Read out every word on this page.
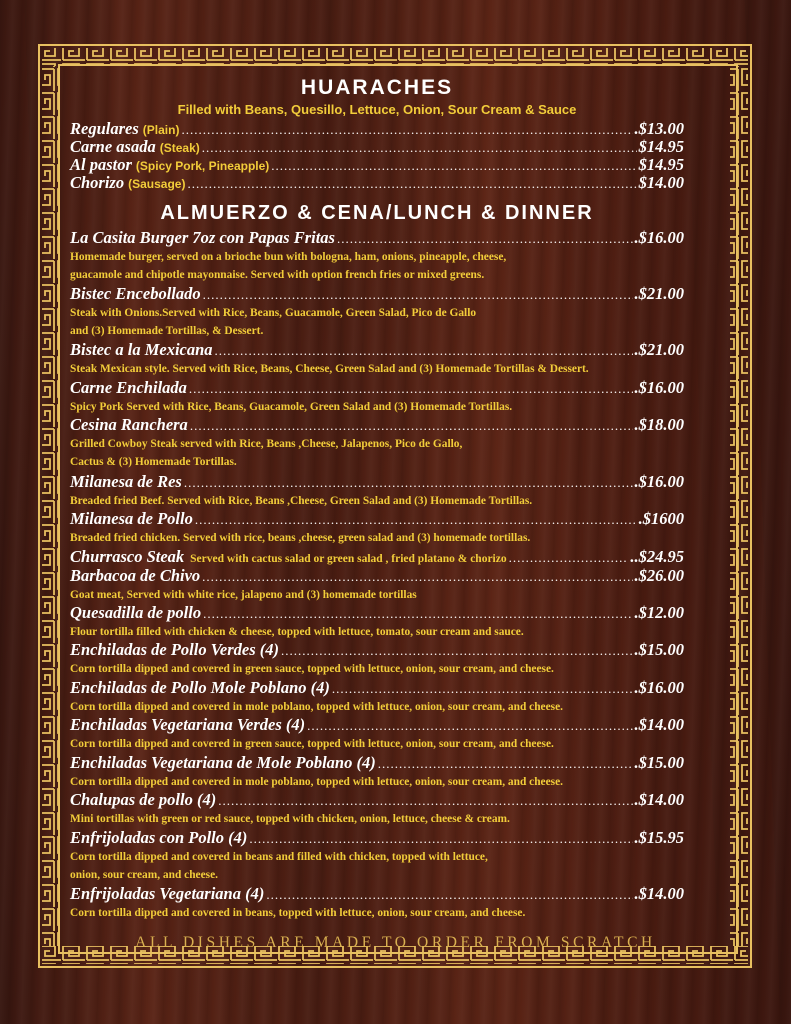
HUARACHES
Filled with Beans, Quesillo, Lettuce, Onion, Sour Cream & Sauce
Regulares (Plain) .....	.$13.00
Carne asada (Steak) .....	$14.95
Al pastor (Spicy Pork, Pineapple) .....	$14.95
Chorizo (Sausage) .....	$14.00
ALMUERZO & CENA/LUNCH & DINNER
La Casita Burger 7oz con Papas Fritas .....	.$16.00
Homemade burger, served on a brioche bun with bologna, ham, onions, pineapple, cheese,
guacamole and chipotle mayonnaise. Served with option french fries or mixed greens.
Bistec Encebollado .....	.$21.00
Steak with Onions.Served with Rice, Beans, Guacamole, Green Salad, Pico de Gallo
and (3) Homemade Tortillas, & Dessert.
Bistec a la Mexicana .....	.$21.00
Steak Mexican style. Served with Rice, Beans, Cheese, Green Salad and (3) Homemade Tortillas & Dessert.
Carne Enchilada .....	.$16.00
Spicy Pork Served with Rice, Beans, Guacamole, Green Salad and (3) Homemade Tortillas.
Cesina Ranchera .....	.$18.00
Grilled Cowboy Steak served with Rice, Beans ,Cheese, Jalapenos, Pico de Gallo,
Cactus & (3) Homemade Tortillas.
Milanesa de Res .....	.$16.00
Breaded fried Beef. Served with Rice, Beans ,Cheese, Green Salad and (3) Homemade Tortillas.
Milanesa de Pollo .....	.$1600
Breaded fried chicken. Served with rice, beans ,cheese, green salad and (3) homemade tortillas.
Churrasco Steak Served with cactus salad or green salad , fried platano & chorizo .....	..$24.95
Barbacoa de Chivo .....	.$26.00
Goat meat, Served with white rice, jalapeno and (3) homemade tortillas
Quesadilla de pollo .....	.$12.00
Flour tortilla filled with chicken & cheese, topped with lettuce, tomato, sour cream and sauce.
Enchiladas de Pollo Verdes (4) .....	.$15.00
Corn tortilla dipped and covered in green sauce, topped with lettuce, onion, sour cream, and cheese.
Enchiladas de Pollo Mole Poblano (4) .....	.$16.00
Corn tortilla dipped and covered in mole poblano, topped with lettuce, onion, sour cream, and cheese.
Enchiladas Vegetariana Verdes (4) .....	.$14.00
Corn tortilla dipped and covered in green sauce, topped with lettuce, onion, sour cream, and cheese.
Enchiladas Vegetariana de Mole Poblano (4) .....	.$15.00
Corn tortilla dipped and covered in mole poblano, topped with lettuce, onion, sour cream, and cheese.
Chalupas de pollo (4) .....	.$14.00
Mini tortillas with green or red sauce, topped with chicken, onion, lettuce, cheese & cream.
Enfrijoladas con Pollo (4) .....	.$15.95
Corn tortilla dipped and covered in beans and filled with chicken, topped with lettuce,
onion, sour cream, and cheese.
Enfrijoladas Vegetariana (4) .....	.$14.00
Corn tortilla dipped and covered in beans, topped with lettuce, onion, sour cream, and cheese.
ALL DISHES ARE MADE TO ORDER FROM SCRATCH
